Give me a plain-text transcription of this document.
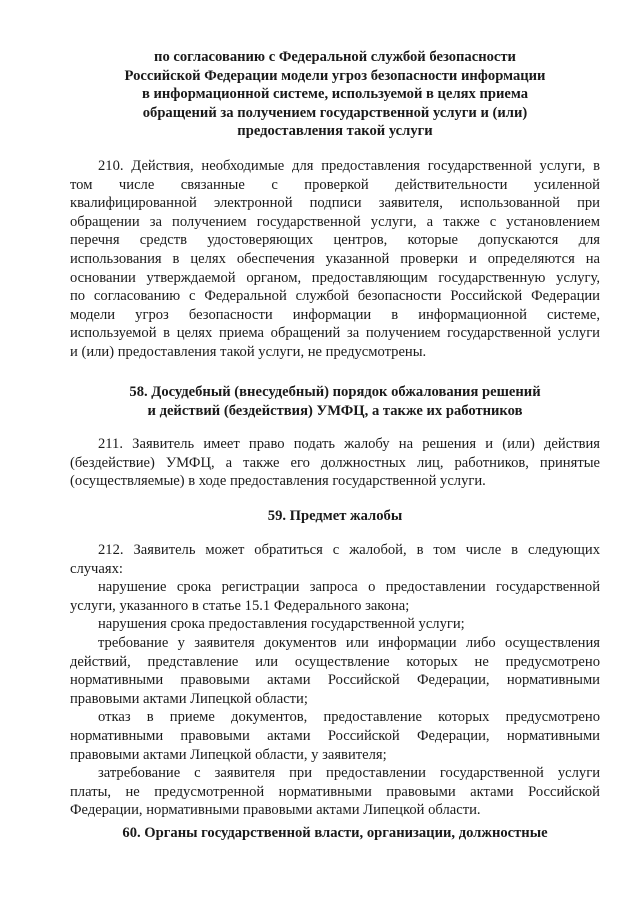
по согласованию с Федеральной службой безопасности
Российской Федерации модели угроз безопасности информации
в информационной системе, используемой в целях приема
обращений за получением государственной услуги и (или)
предоставления такой услуги
210. Действия, необходимые для предоставления государственной услуги, в
том числе связанные с проверкой действительности усиленной
квалифицированной электронной подписи заявителя, использованной при
обращении за получением государственной услуги, а также с установлением
перечня средств удостоверяющих центров, которые допускаются для
использования в целях обеспечения указанной проверки и определяются на
основании утверждаемой органом, предоставляющим государственную услугу,
по согласованию с Федеральной службой безопасности Российской Федерации
модели угроз безопасности информации в информационной системе,
используемой в целях приема обращений за получением государственной услуги
и (или) предоставления такой услуги, не предусмотрены.
58. Досудебный (внесудебный) порядок обжалования решений
и действий (бездействия) УМФЦ, а также их работников
211. Заявитель имеет право подать жалобу на решения и (или) действия
(бездействие) УМФЦ, а также его должностных лиц, работников, принятые
(осуществляемые) в ходе предоставления государственной услуги.
59. Предмет жалобы
212. Заявитель может обратиться с жалобой, в том числе в следующих
случаях:
нарушение срока регистрации запроса о предоставлении государственной
услуги, указанного в статье 15.1 Федерального закона;
нарушения срока предоставления государственной услуги;
требование у заявителя документов или информации либо осуществления
действий, представление или осуществление которых не предусмотрено
нормативными правовыми актами Российской Федерации, нормативными
правовыми актами Липецкой области;
отказ в приеме документов, предоставление которых предусмотрено
нормативными правовыми актами Российской Федерации, нормативными
правовыми актами Липецкой области, у заявителя;
затребование с заявителя при предоставлении государственной услуги
платы, не предусмотренной нормативными правовыми актами Российской
Федерации, нормативными правовыми актами Липецкой области.
60. Органы государственной власти, организации, должностные
